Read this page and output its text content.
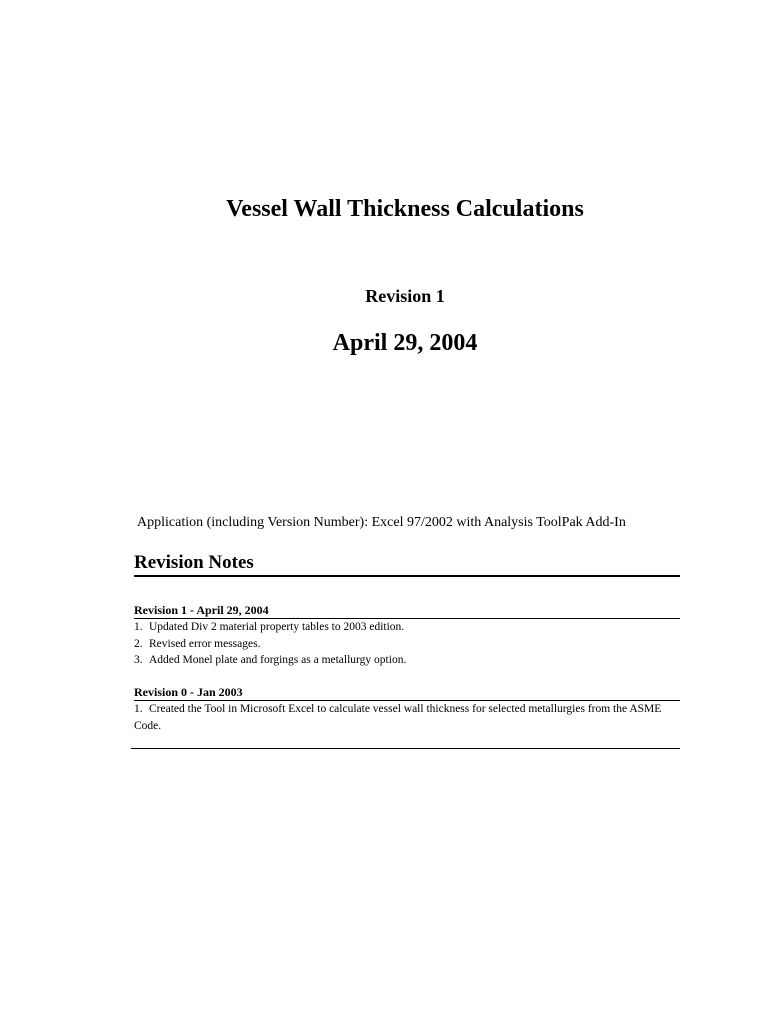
Vessel Wall Thickness Calculations
Revision 1
April 29, 2004
Application (including Version Number): Excel 97/2002 with Analysis ToolPak Add-In
Revision Notes
Revision 1 - April 29, 2004
1. Updated Div 2 material property tables to 2003 edition.
2. Revised error messages.
3. Added Monel plate and forgings as a metallurgy option.
Revision 0 - Jan 2003
1. Created the Tool in Microsoft Excel to calculate vessel wall thickness for selected metallurgies from the ASME Code.
